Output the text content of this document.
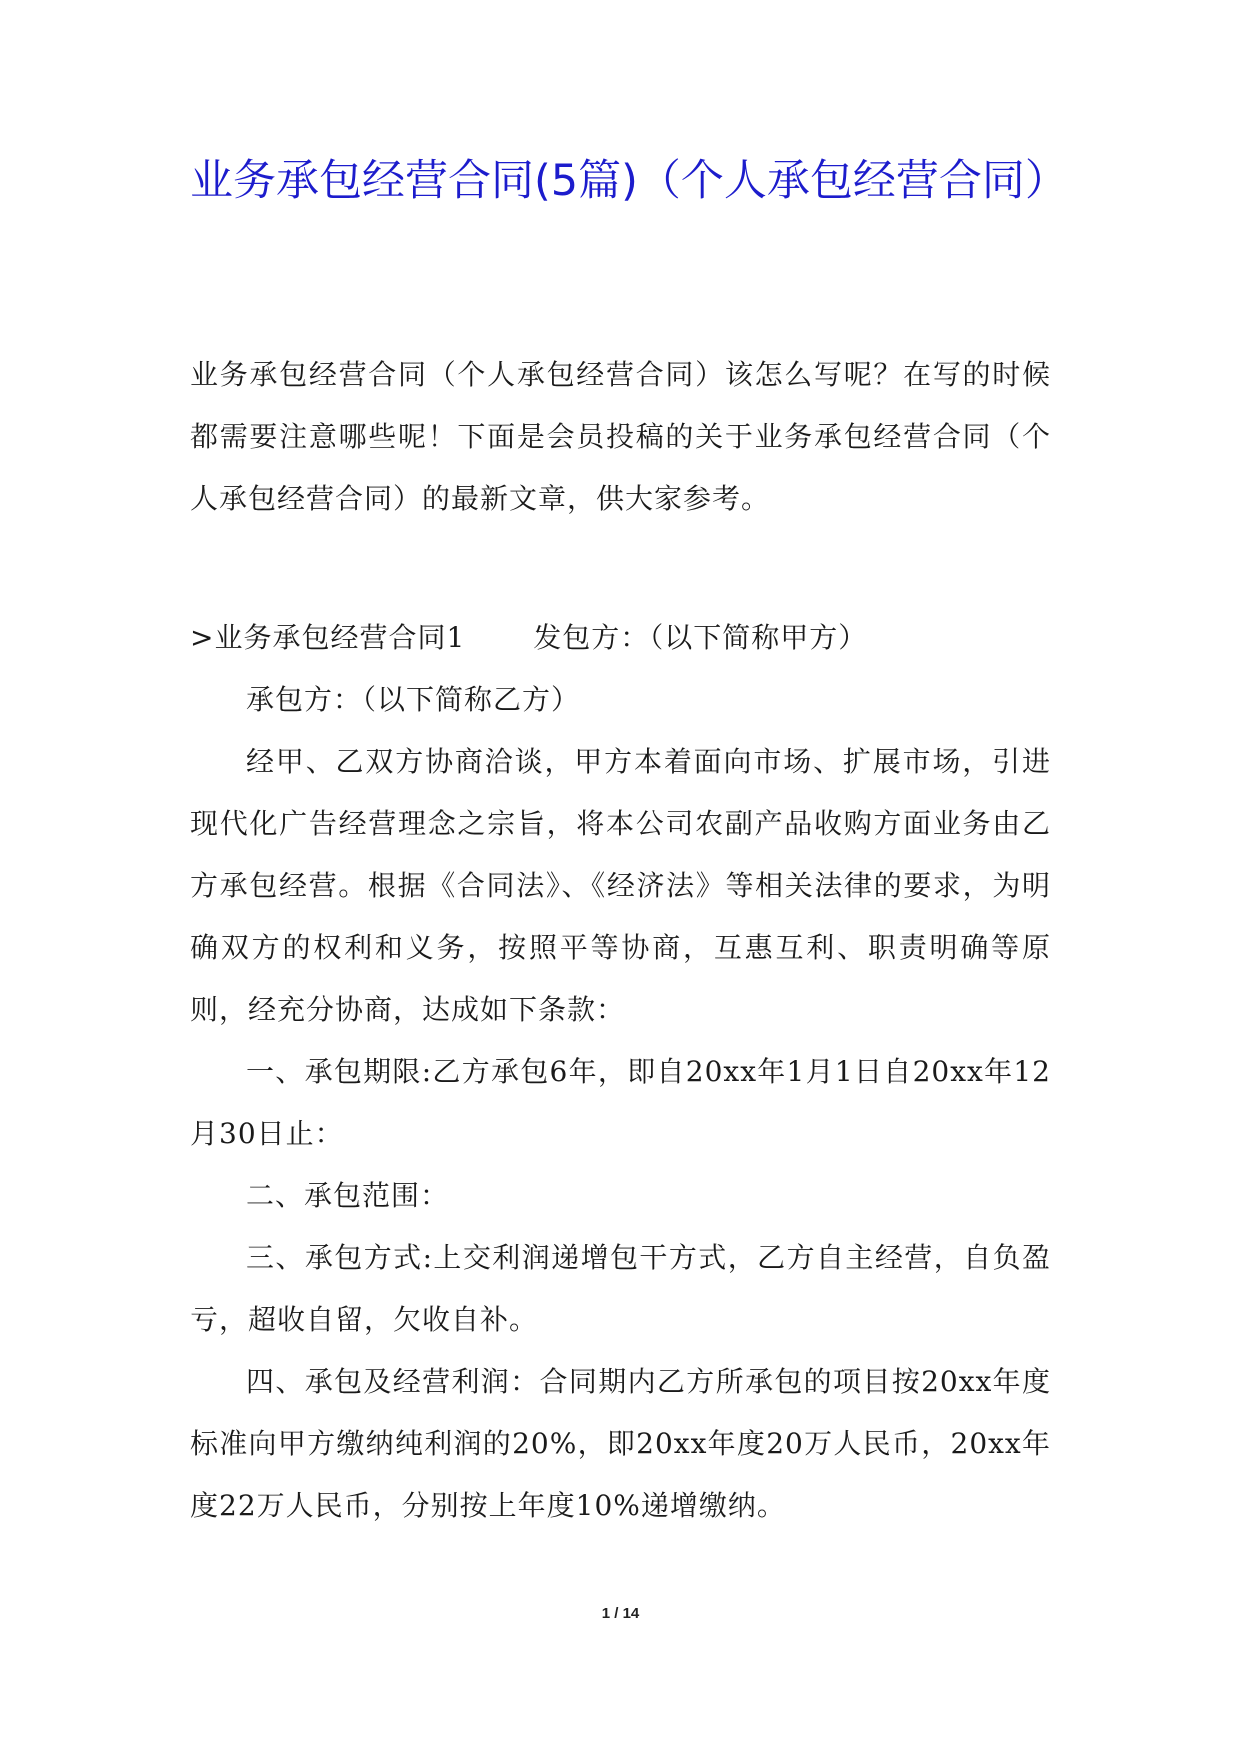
业务承包经营合同(5篇)（个人承包经营合同）

业务承包经营合同（个人承包经营合同）该怎么写呢？在写的时候都需要注意哪些呢！下面是会员投稿的关于业务承包经营合同（个人承包经营合同）的最新文章，供大家参考。

>业务承包经营合同1 发包方：（以下简称甲方）

承包方：（以下简称乙方）

经甲、乙双方协商洽谈，甲方本着面向市场、扩展市场，引进现代化广告经营理念之宗旨，将本公司农副产品收购方面业务由乙方承包经营。根据《合同法》、《经济法》等相关法律的要求，为明确双方的权利和义务，按照平等协商，互惠互利、职责明确等原则，经充分协商，达成如下条款：

一、承包期限:乙方承包6年，即自20xx年1月1日自20xx年12月30日止：

二、承包范围：

三、承包方式:上交利润递增包干方式，乙方自主经营，自负盈亏，超收自留，欠收自补。

四、承包及经营利润：合同期内乙方所承包的项目按20xx年度标准向甲方缴纳纯利润的20%，即20xx年度20万人民币，20xx年度22万人民币，分别按上年度10%递增缴纳。

1 / 14
